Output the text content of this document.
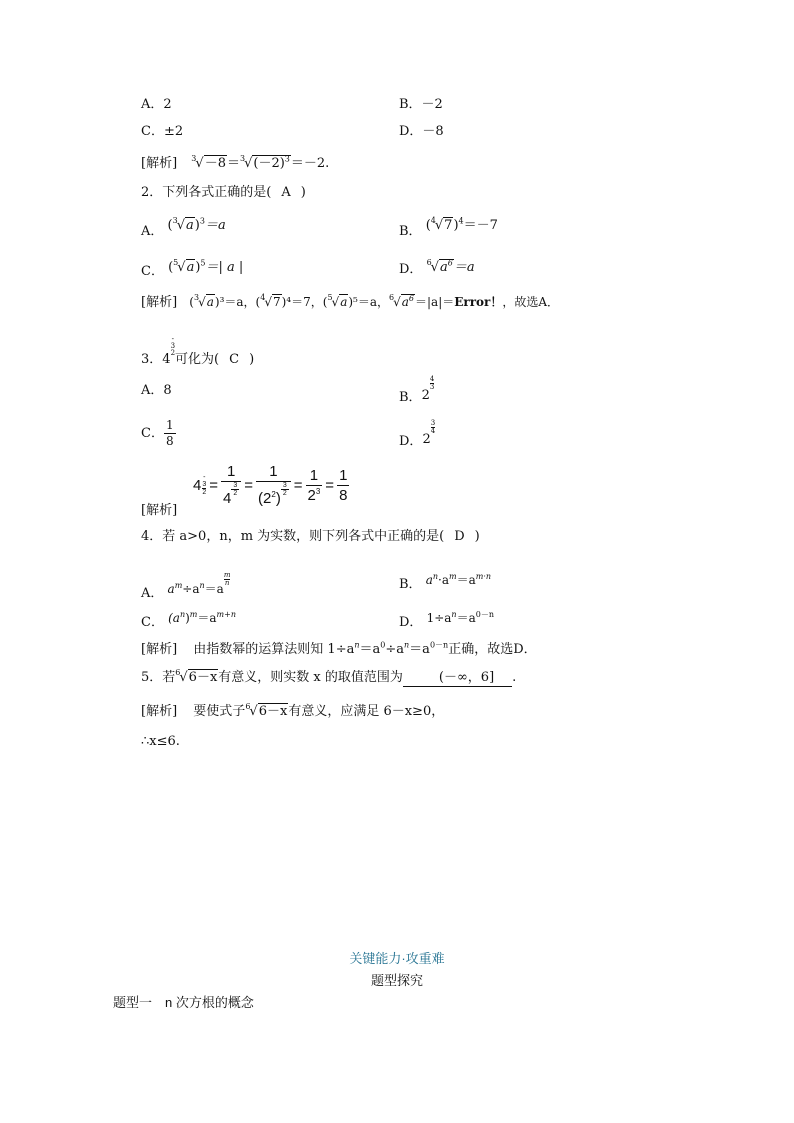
A．2	B．－2
C．±2	D．－8
[解析] $^3√-8=^3√(-2)^3=-2$.
2．下列各式正确的是( A )
A． $(^3√a)^3=a$	B． $(^4√7)^4=-7$
C． $(^5√a)^5=|$ a |	D． $^6√a^6=a$
[解析] ($^3$√a)³＝a，($^4$√7)⁴＝7，($^5$√a)⁵＝a，$^6√a^6=|a|=Error$！，故选A．
3．4
-
3
2 可化为( C )
A．8	B．2
$\frac{4}{3}$
C． $\frac{1}{8}$	D．2
$\frac{3}{4}$
4 -
3
2 = 1
4
$\frac{3}{2} = 1$
$(2^2)$
$\frac{3}{2} = \frac{1}{2^3} = \frac{1}{8}$
[解析]
4．若 a>0，n，m 为实数，则下列各式中正确的是( D )
A． $a^m\div a^n=a$
$\frac{m}{n}$	B． $a^n\cdot a^m=a^{m\cdot n}$
C． $(a^n)^m=a^{m+n}$
D． $1\div a^n=a^{0-n}$
[解析] 由指数幂的运算法则知 $1\div a^n=a^0\div a^n=a^{0-n}$正确，故选D．
5．若$^6$√6－x有意义，则实数 x 的取值范围为	(－∞，6] .
[解析] 要使式子$^6$√6－x有意义，应满足 6－x≥0，
∴x≤6.
关键能力·攻重难
题型探究
题型一　n 次方根的概念
